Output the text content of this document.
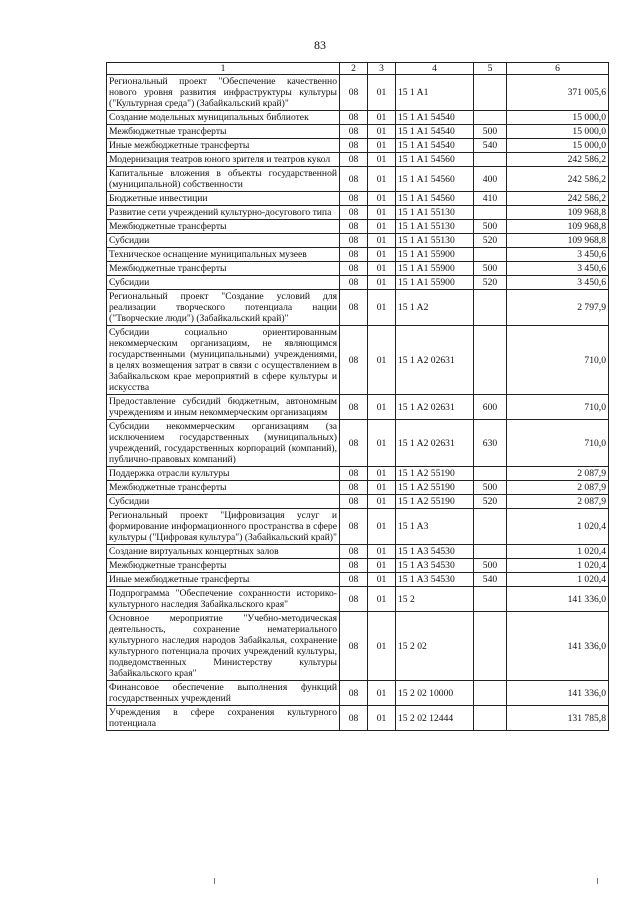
83
1	2	3	4	5	6
Региональный проект "Обеспечение качественно нового уровня развития инфраструктуры культуры ("Культурная среда") (Забайкальский край)"	08	01	15 1 A1		371 005,6
Создание модельных муниципальных библиотек	08	01	15 1 A1 54540		15 000,0
Межбюджетные трансферты	08	01	15 1 A1 54540	500	15 000,0
Иные межбюджетные трансферты	08	01	15 1 A1 54540	540	15 000,0
Модернизация театров юного зрителя и театров кукол	08	01	15 1 A1 54560		242 586,2
Капитальные вложения в объекты государственной (муниципальной) собственности	08	01	15 1 A1 54560	400	242 586,2
Бюджетные инвестиции	08	01	15 1 A1 54560	410	242 586,2
Развитие сети учреждений культурно-досугового типа	08	01	15 1 A1 55130		109 968,8
Межбюджетные трансферты	08	01	15 1 A1 55130	500	109 968,8
Субсидии	08	01	15 1 A1 55130	520	109 968,8
Техническое оснащение муниципальных музеев	08	01	15 1 A1 55900		3 450,6
Межбюджетные трансферты	08	01	15 1 A1 55900	500	3 450,6
Субсидии	08	01	15 1 A1 55900	520	3 450,6
Региональный проект "Создание условий для реализации творческого потенциала нации ("Творческие люди") (Забайкальский край)"	08	01	15 1 A2		2 797,9
Субсидии социально ориентированным некоммерческим организациям, не являющимся государственными (муниципальными) учреждениями, в целях возмещения затрат в связи с осуществлением в Забайкальском крае мероприятий в сфере культуры и искусства	08	01	15 1 A2 02631		710,0
Предоставление субсидий бюджетным, автономным учреждениям и иным некоммерческим организациям	08	01	15 1 A2 02631	600	710,0
Субсидии некоммерческим организациям (за исключением государственных (муниципальных) учреждений, государственных корпораций (компаний), публично-правовых компаний)	08	01	15 1 A2 02631	630	710,0
Поддержка отрасли культуры	08	01	15 1 A2 55190		2 087,9
Межбюджетные трансферты	08	01	15 1 A2 55190	500	2 087,9
Субсидии	08	01	15 1 A2 55190	520	2 087,9
Региональный проект "Цифровизация услуг и формирование информационного пространства в сфере культуры ("Цифровая культура") (Забайкальский край)"	08	01	15 1 A3		1 020,4
Создание виртуальных концертных залов	08	01	15 1 A3 54530		1 020,4
Межбюджетные трансферты	08	01	15 1 A3 54530	500	1 020,4
Иные межбюджетные трансферты	08	01	15 1 A3 54530	540	1 020,4
Подпрограмма "Обеспечение сохранности историко-культурного наследия Забайкальского края"	08	01	15 2		141 336,0
Основное мероприятие "Учебно-методическая деятельность, сохранение нематериального культурного наследия народов Забайкалья, сохранение культурного потенциала прочих учреждений культуры, подведомственных Министерству культуры Забайкальского края"	08	01	15 2 02		141 336,0
Финансовое обеспечение выполнения функций государственных учреждений	08	01	15 2 02 10000		141 336,0
Учреждения в сфере сохранения культурного потенциала	08	01	15 2 02 12444		131 785,8
